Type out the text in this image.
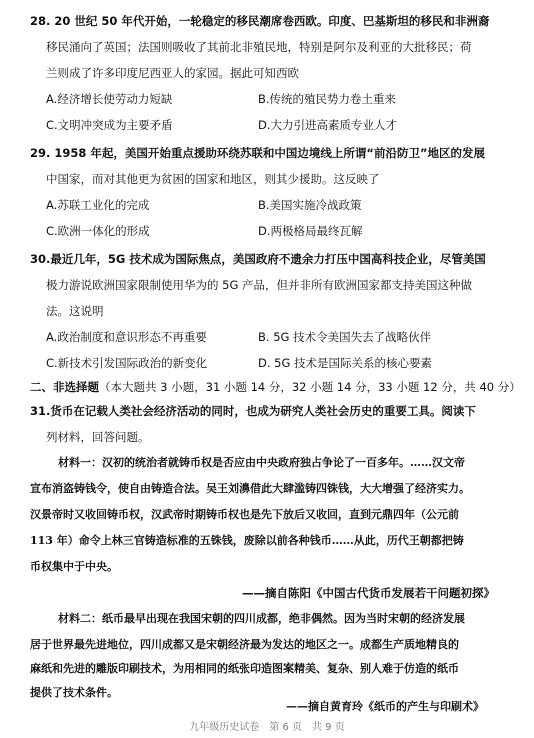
28. 20 世纪 50 年代开始，一轮稳定的移民潮席卷西欧。印度、巴基斯坦的移民和非洲裔
移民涌向了英国；法国则吸收了其前北非殖民地，特别是阿尔及利亚的大批移民；荷
兰则成了许多印度尼西亚人的家园。据此可知西欧
A.经济增长使劳动力短缺	B.传统的殖民势力卷土重来
C.文明冲突成为主要矛盾	D.大力引进高素质专业人才
29. 1958 年起，美国开始重点援助环绕苏联和中国边境线上所谓“前沿防卫”地区的发展
中国家，而对其他更为贫困的国家和地区，则其少援助。这反映了
A.苏联工业化的完成	B.美国实施冷战政策
C.欧洲一体化的形成	D.两极格局最终瓦解
30.最近几年，5G 技术成为国际焦点，美国政府不遗余力打压中国高科技企业，尽管美国
极力游说欧洲国家限制使用华为的 5G 产品，但并非所有欧洲国家都支持美国这种做
法。这说明
A.政治制度和意识形态不再重要	B. 5G 技术令美国失去了战略伙伴
C.新技术引发国际政治的新变化	D. 5G 技术是国际关系的核心要素
二、非选择题（本大题共 3 小题，31 小题 14 分，32 小题 14 分，33 小题 12 分，共 40 分）
31.货币在记载人类社会经济活动的同时，也成为研究人类社会历史的重要工具。阅读下
列材料，回答问题。
材料一：汉初的统治者就铸币权是否应由中央政府独占争论了一百多年。……汉文帝
宣布消盗铸钱令，使自由铸造合法。吴王刘濞借此大肆滥铸四铢钱，大大增强了经济实力。
汉景帝时又收回铸币权，汉武帝时期铸币权也是先下放后又收回，直到元鼎四年（公元前
113 年）命令上林三官铸造标准的五铢钱，废除以前各种钱币……从此，历代王朝都把铸
币权集中于中央。
——摘自陈阳《中国古代货币发展若干问题初探》
材料二：纸币最早出现在我国宋朝的四川成都，绝非偶然。因为当时宋朝的经济发展
居于世界最先进地位，四川成都又是宋朝经济最为发达的地区之一。成都生产质地精良的
麻纸和先进的雕版印刷技术，为用相同的纸张印造图案精美、复杂、别人难于仿造的纸币
提供了技术条件。
——摘自黄育玲《纸币的产生与印刷术》
九年级历史试卷　第 6 页　共 9 页
